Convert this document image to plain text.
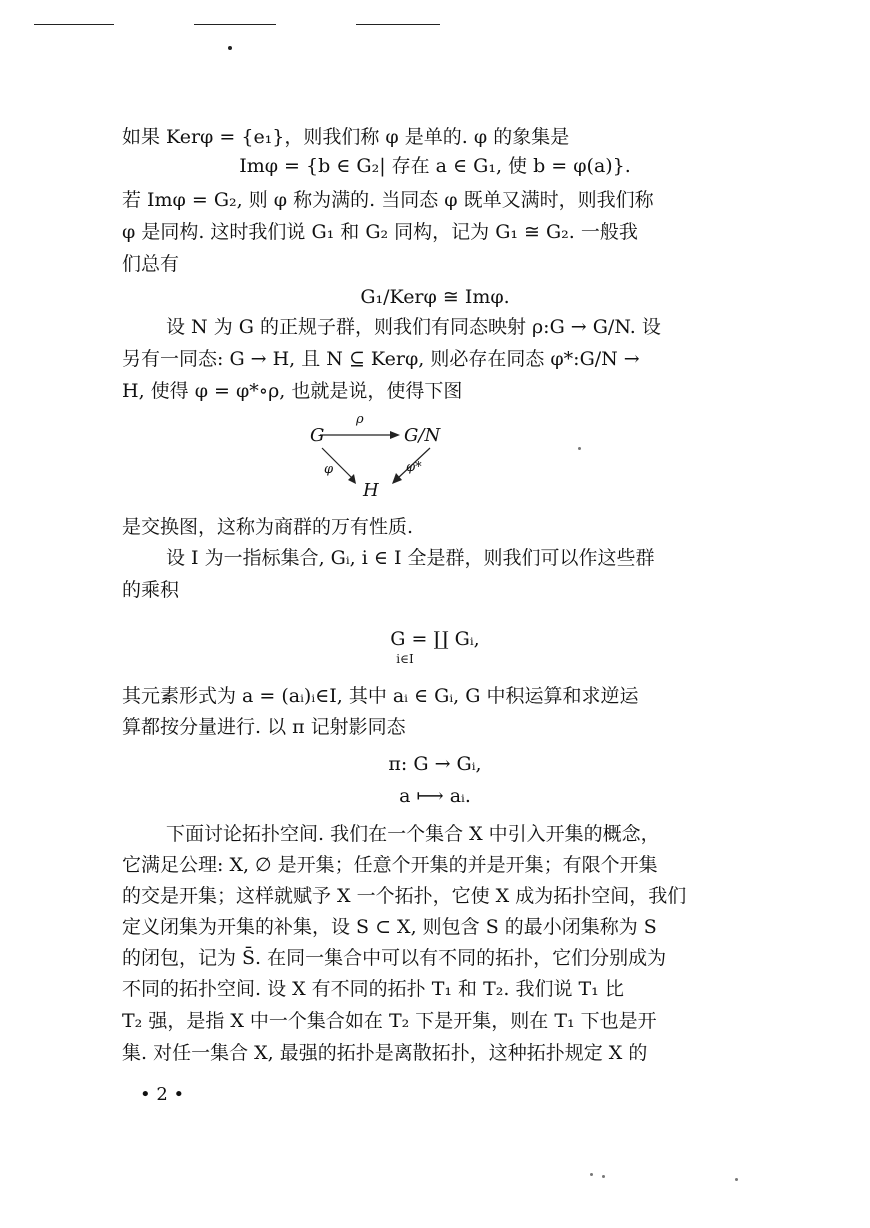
如果 Kerφ = {e₁}，则我们称 φ 是单的. φ 的象集是
Imφ = {b ∈ G₂| 存在 a ∈ G₁, 使 b = φ(a)}.
若 Imφ = G₂, 则 φ 称为满的. 当同态 φ 既单又满时，则我们称
φ 是同构. 这时我们说 G₁ 和 G₂ 同构，记为 G₁ ≅ G₂. 一般我
们总有
G₁/Kerφ ≅ Imφ.
设 N 为 G 的正规子群，则我们有同态映射 ρ:G → G/N. 设
另有一同态: G → H, 且 N ⊆ Kerφ, 则必存在同态 φ*:G/N →
H, 使得 φ = φ*∘ρ, 也就是说，使得下图
G	G/N
H
ρ
φ	φ*
是交换图，这称为商群的万有性质.
设 I 为一指标集合, Gᵢ, i ∈ I 全是群，则我们可以作这些群
的乘积
G = ∐ Gᵢ,
i∈I
其元素形式为 a = (aᵢ)ᵢ∈I, 其中 aᵢ ∈ Gᵢ, G 中积运算和求逆运
算都按分量进行. 以 π 记射影同态
π: G → Gᵢ,
a ⟼ aᵢ.
下面讨论拓扑空间. 我们在一个集合 X 中引入开集的概念，
它满足公理: X, ∅ 是开集；任意个开集的并是开集；有限个开集
的交是开集；这样就赋予 X 一个拓扑，它使 X 成为拓扑空间，我们
定义闭集为开集的补集，设 S ⊂ X, 则包含 S 的最小闭集称为 S
的闭包，记为 S̄. 在同一集合中可以有不同的拓扑，它们分别成为
不同的拓扑空间. 设 X 有不同的拓扑 T₁ 和 T₂. 我们说 T₁ 比
T₂ 强，是指 X 中一个集合如在 T₂ 下是开集，则在 T₁ 下也是开
集. 对任一集合 X, 最强的拓扑是离散拓扑，这种拓扑规定 X 的
• 2 •
